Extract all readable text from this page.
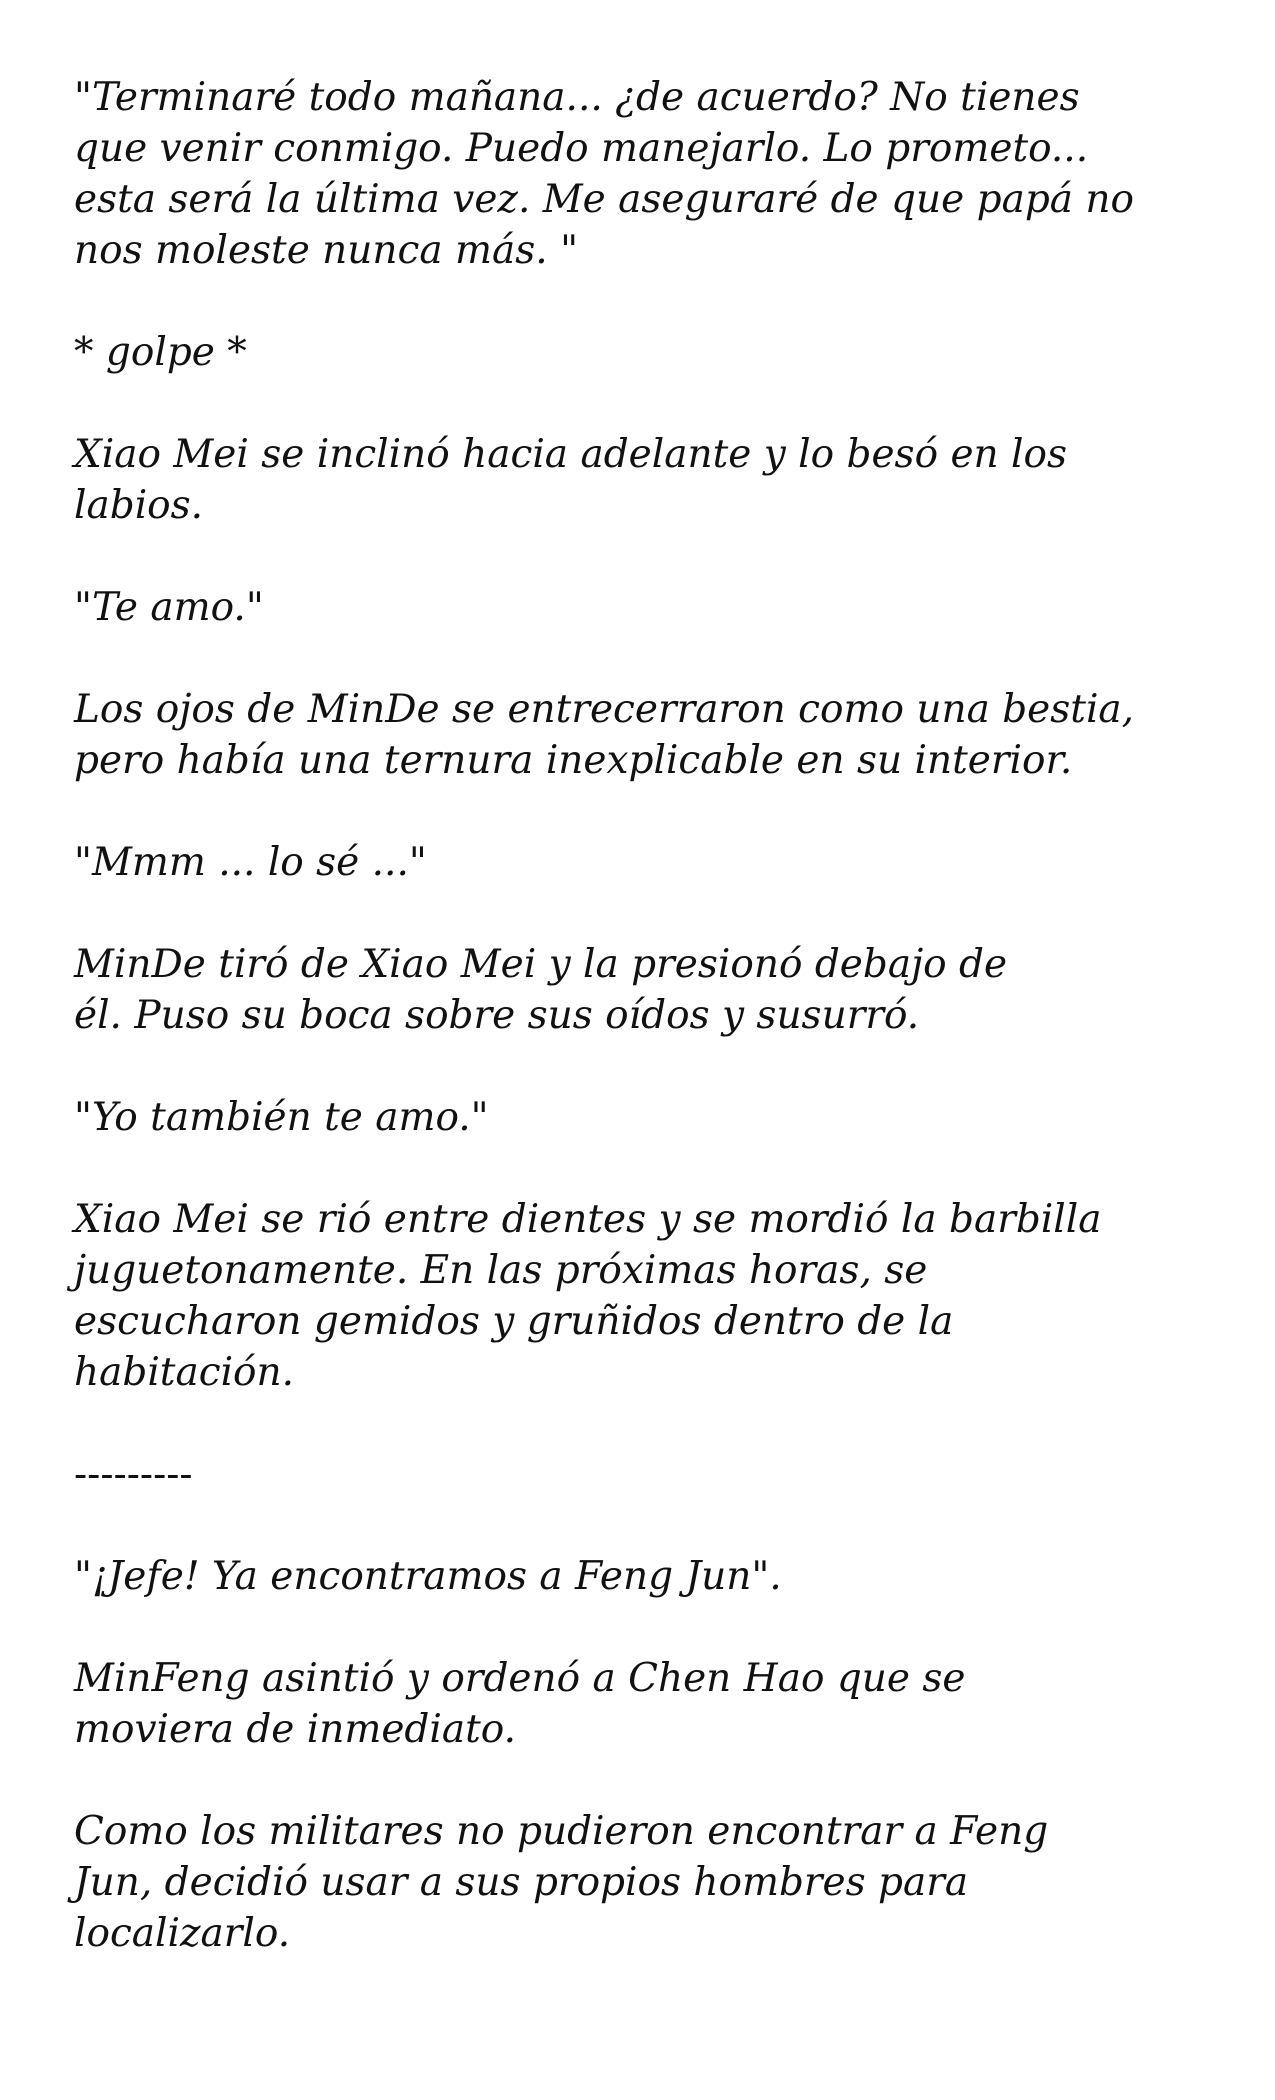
"Terminaré todo mañana... ¿de acuerdo? No tienes
que venir conmigo. Puedo manejarlo. Lo prometo...
esta será la última vez. Me aseguraré de que papá no
nos moleste nunca más. "
* golpe *
Xiao Mei se inclinó hacia adelante y lo besó en los
labios.
"Te amo."
Los ojos de MinDe se entrecerraron como una bestia,
pero había una ternura inexplicable en su interior.
"Mmm ... lo sé ..."
MinDe tiró de Xiao Mei y la presionó debajo de
él. Puso su boca sobre sus oídos y susurró.
"Yo también te amo."
Xiao Mei se rió entre dientes y se mordió la barbilla
juguetonamente. En las próximas horas, se
escucharon gemidos y gruñidos dentro de la
habitación.
---------
"¡Jefe! Ya encontramos a Feng Jun".
MinFeng asintió y ordenó a Chen Hao que se
moviera de inmediato.
Como los militares no pudieron encontrar a Feng
Jun, decidió usar a sus propios hombres para
localizarlo.
